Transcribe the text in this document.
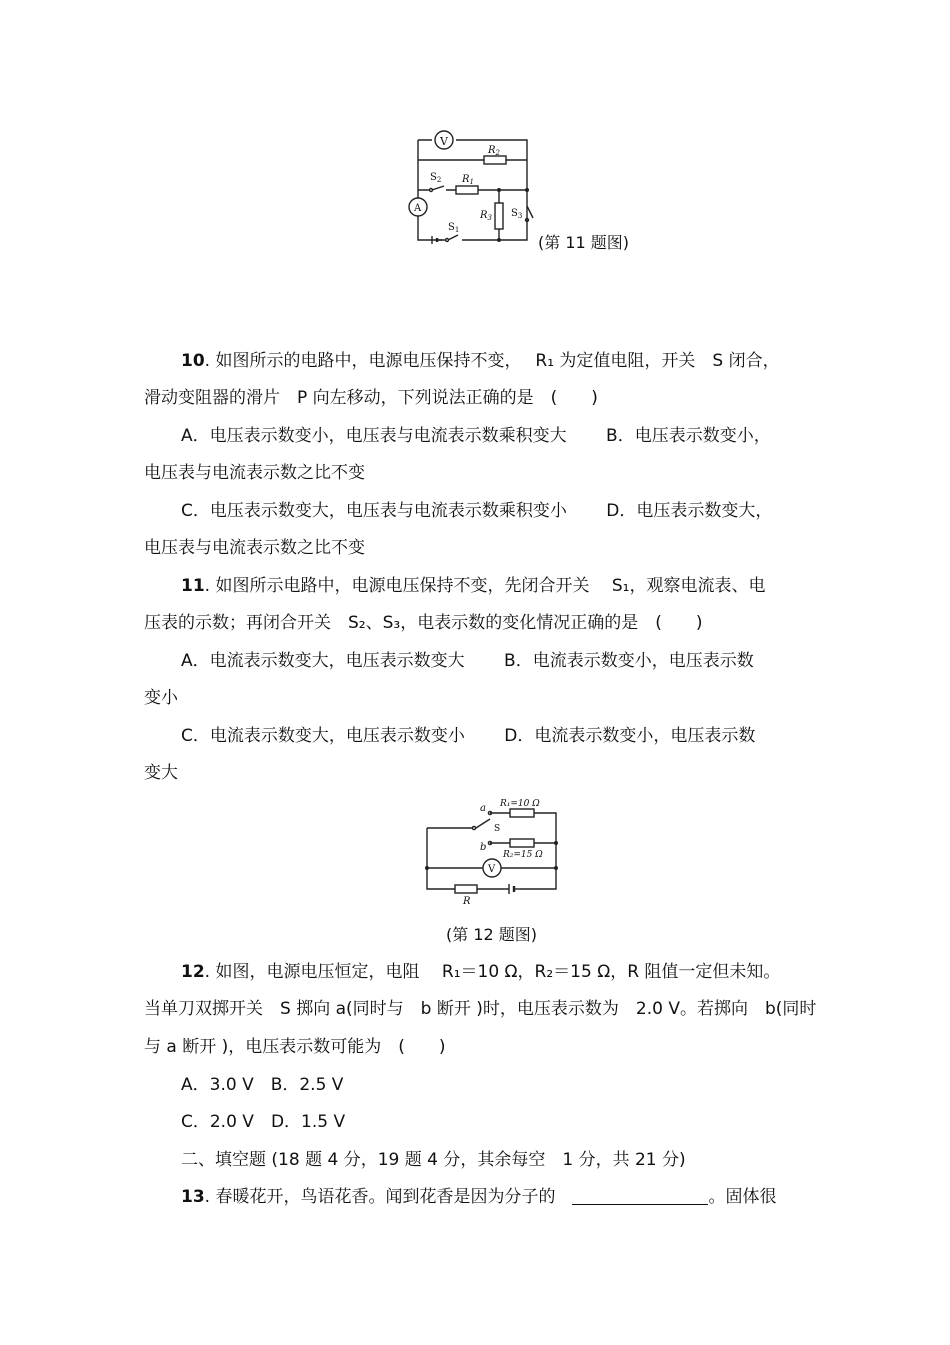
V
$R_2$
$S_2$ $R_1$
$R_3$ $S_3$
A
$S_1$
(第 11 题图)
10. 如图所示的电路中，电源电压保持不变，　 R₁ 为定值电阻，开关　S 闭合，
滑动变阻器的滑片　P 向左移动，下列说法正确的是　(　　)
A．电压表示数变小，电压表与电流表示数乘积变大　　 B．电压表示数变小，
电压表与电流表示数之比不变
C．电压表示数变大，电压表与电流表示数乘积变小　　 D．电压表示数变大，
电压表与电流表示数之比不变
11. 如图所示电路中，电源电压保持不变，先闭合开关　 S₁，观察电流表、电
压表的示数；再闭合开关　S₂、S₃，电表示数的变化情况正确的是　(　　)
A．电流表示数变大，电压表示数变大　　 B．电流表示数变小，电压表示数
变小
C．电流表示数变大，电压表示数变小　　 D．电流表示数变小，电压表示数
变大
V
a
b
S
R₁=10 Ω
R₂=15 Ω
R
(第 12 题图)
12. 如图，电源电压恒定，电阻　 R₁＝10 Ω，R₂＝15 Ω，R 阻值一定但未知。
当单刀双掷开关　S 掷向 a(同时与　b 断开 )时，电压表示数为　2.0 V。若掷向　b(同时
与 a 断开 )，电压表示数可能为　(　　)
A．3.0 V　B．2.5 V
C．2.0 V　D．1.5 V
二、填空题 (18 题 4 分，19 题 4 分，其余每空　1 分，共 21 分)
13. 春暖花开，鸟语花香。闻到花香是因为分子的　	。固体很
